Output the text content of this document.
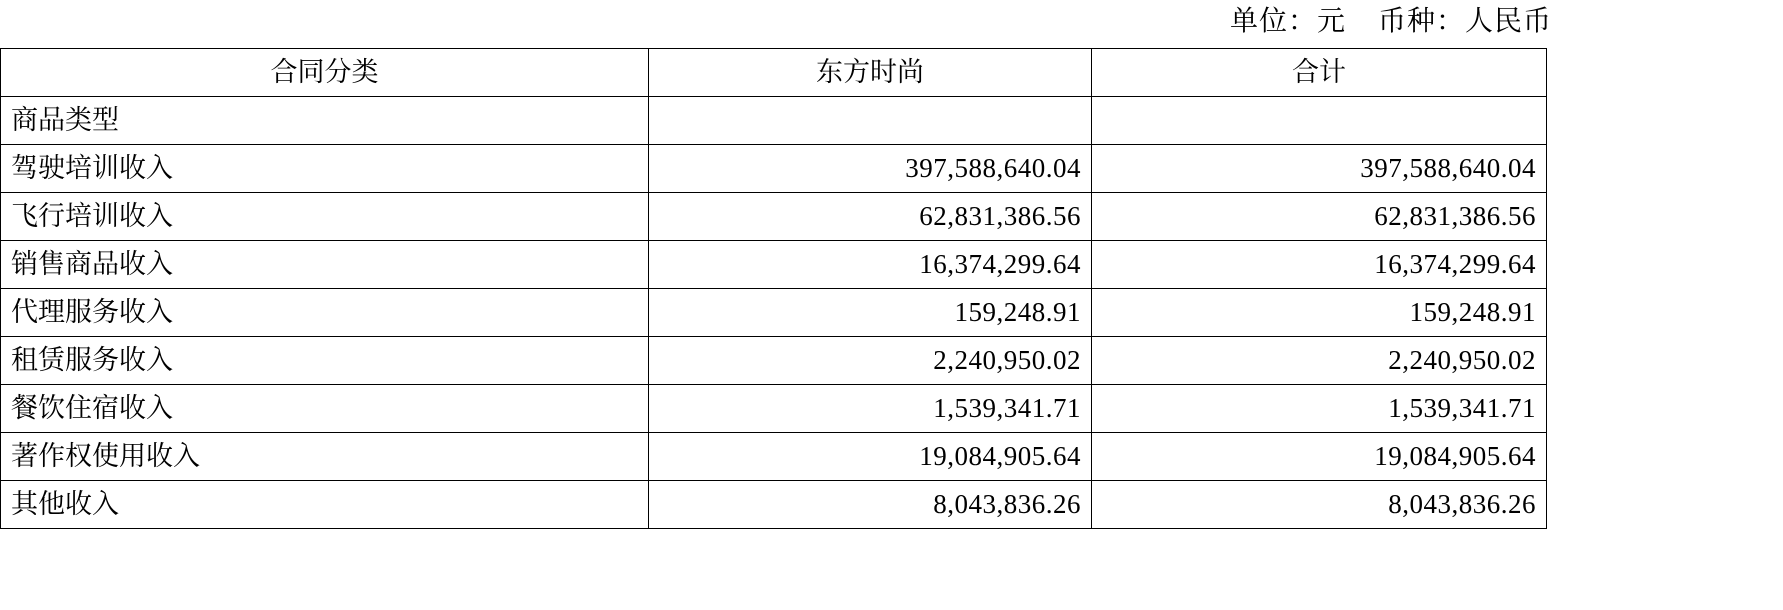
单位：元    币种：人民币
合同分类	东方时尚	合计
商品类型		
驾驶培训收入	397,588,640.04	397,588,640.04
飞行培训收入	62,831,386.56	62,831,386.56
销售商品收入	16,374,299.64	16,374,299.64
代理服务收入	159,248.91	159,248.91
租赁服务收入	2,240,950.02	2,240,950.02
餐饮住宿收入	1,539,341.71	1,539,341.71
著作权使用收入	19,084,905.64	19,084,905.64
其他收入	8,043,836.26	8,043,836.26
